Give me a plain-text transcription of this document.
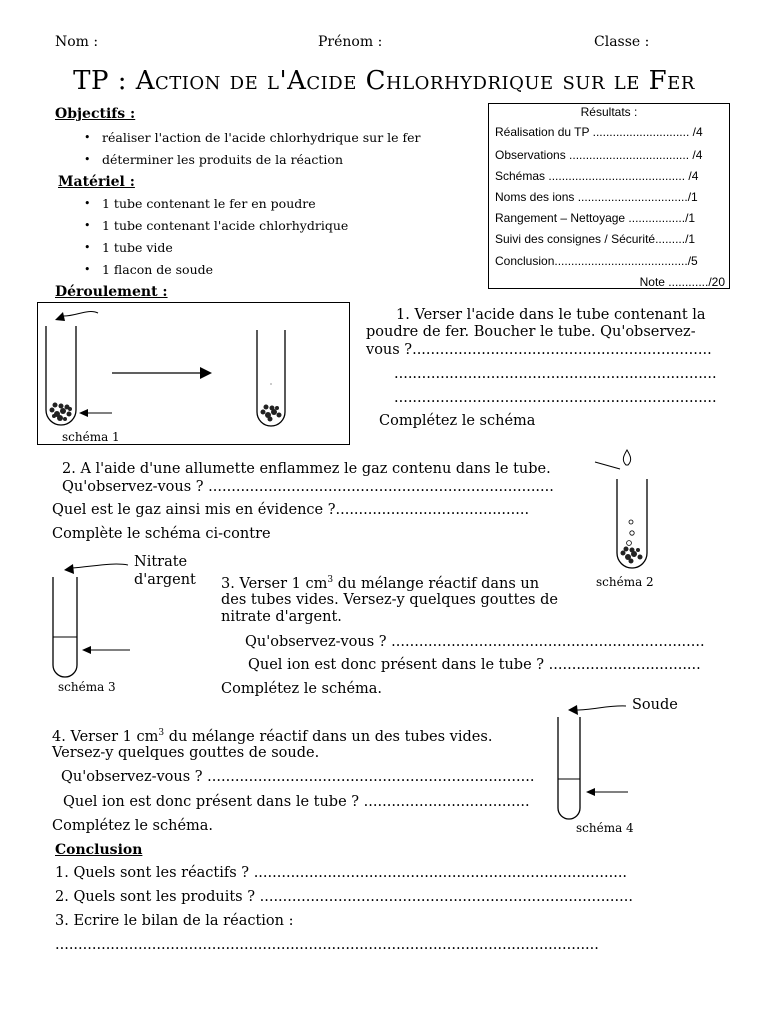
Nom :	Prénom :	Classe :
TP : Action de l'Acide Chlorhydrique sur le Fer
Objectifs :
• réaliser l'action de l'acide chlorhydrique sur le fer
• déterminer les produits de la réaction
Matériel :
• 1 tube contenant le fer en poudre
• 1 tube contenant l'acide chlorhydrique
• 1 tube vide
• 1 flacon de soude
Résultats :
Réalisation du TP ............................. /4
Observations .................................... /4
Schémas ......................................... /4
Noms des ions ................................./1
Rangement – Nettoyage ................./1
Suivi des consignes / Sécurité........./1
Conclusion......................................../5
Note ............/20
Déroulement :
schéma 1
1. Verser l'acide dans le tube contenant la
poudre de fer. Boucher le tube. Qu'observez-
vous ?.................................................................
......................................................................
......................................................................
Complétez le schéma
2. A l'aide d'une allumette enflammez le gaz contenu dans le tube.
Qu'observez-vous ? ...........................................................................
Quel est le gaz ainsi mis en évidence ?..........................................
Complète le schéma ci-contre
schéma 2
Nitrate
d'argent
schéma 3
3. Verser 1 $cm^3$ du mélange réactif dans un
des tubes vides. Versez-y quelques gouttes de
nitrate d'argent.
Qu'observez-vous ? ....................................................................
Quel ion est donc présent dans le tube ? .................................
Complétez le schéma.
Soude
schéma 4
4. Verser 1 $cm^3$ du mélange réactif dans un des tubes vides.
Versez-y quelques gouttes de soude.
Qu'observez-vous ? .......................................................................
Quel ion est donc présent dans le tube ? ....................................
Complétez le schéma.
Conclusion
1. Quels sont les réactifs ? .................................................................................
2. Quels sont les produits ? .................................................................................
3. Ecrire le bilan de la réaction :
......................................................................................................................
